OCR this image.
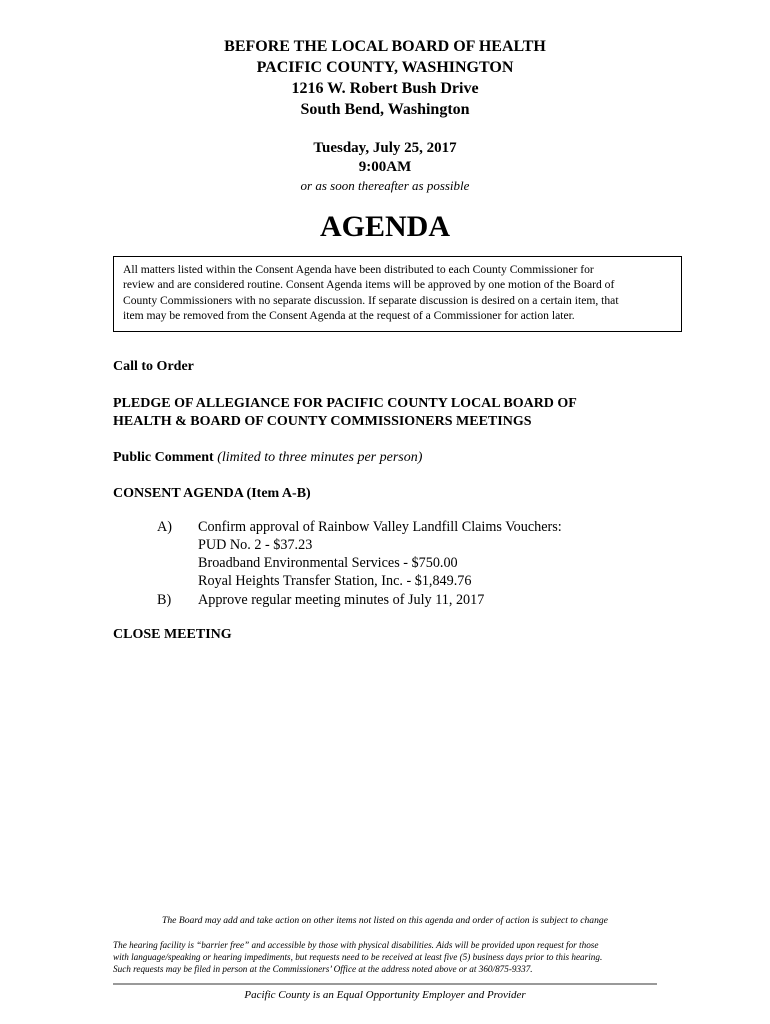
BEFORE THE LOCAL BOARD OF HEALTH
PACIFIC COUNTY, WASHINGTON
1216 W. Robert Bush Drive
South Bend, Washington
Tuesday, July 25, 2017
9:00AM
or as soon thereafter as possible
AGENDA
All matters listed within the Consent Agenda have been distributed to each County Commissioner for
review and are considered routine. Consent Agenda items will be approved by one motion of the Board of
County Commissioners with no separate discussion. If separate discussion is desired on a certain item, that
item may be removed from the Consent Agenda at the request of a Commissioner for action later.
Call to Order
PLEDGE OF ALLEGIANCE FOR PACIFIC COUNTY LOCAL BOARD OF
HEALTH & BOARD OF COUNTY COMMISSIONERS MEETINGS
Public Comment (limited to three minutes per person)
CONSENT AGENDA (Item A-B)
A) Confirm approval of Rainbow Valley Landfill Claims Vouchers:
PUD No. 2 - $37.23
Broadband Environmental Services - $750.00
Royal Heights Transfer Station, Inc. - $1,849.76
B) Approve regular meeting minutes of July 11, 2017
CLOSE MEETING
The Board may add and take action on other items not listed on this agenda and order of action is subject to change
The hearing facility is “barrier free” and accessible by those with physical disabilities. Aids will be provided upon request for those
with language/speaking or hearing impediments, but requests need to be received at least five (5) business days prior to this hearing.
Such requests may be filed in person at the Commissioners’ Office at the address noted above or at 360/875-9337.
Pacific County is an Equal Opportunity Employer and Provider
